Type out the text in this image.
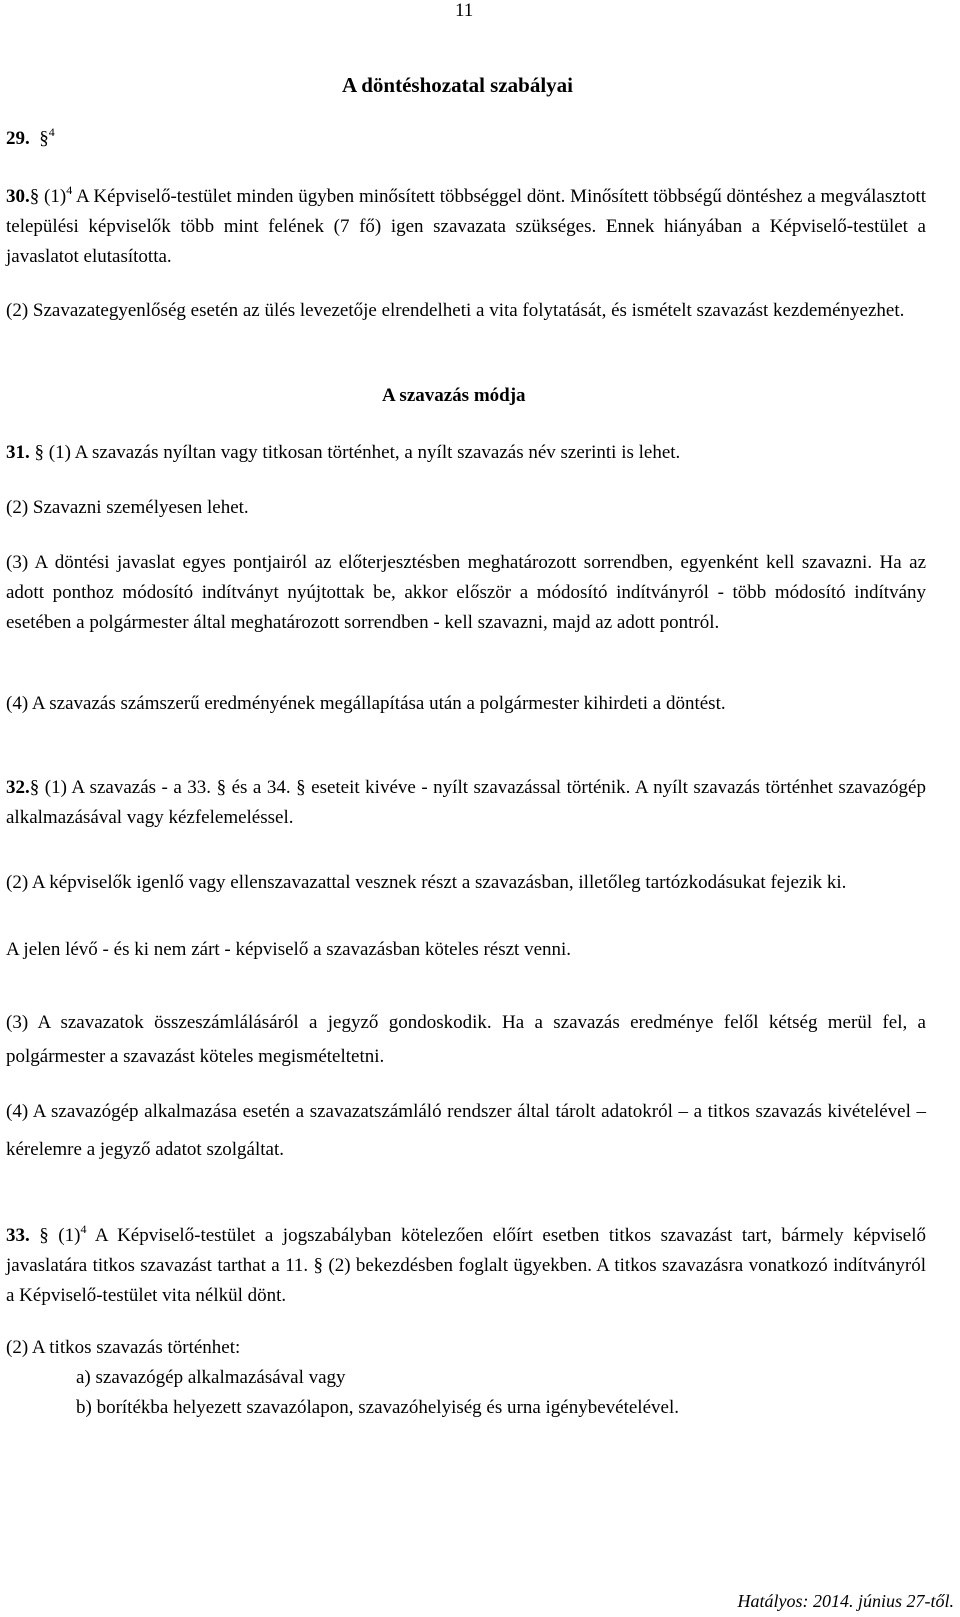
11
A döntéshozatal szabályai
29. §$^4$
30.§ $(1)^4$ A Képviselő-testület minden ügyben minősített többséggel dönt. Minősített többségű döntéshez a megválasztott települési képviselők több mint felének (7 fő) igen szavazata szükséges. Ennek hiányában a Képviselő-testület a javaslatot elutasította.
(2) Szavazategyenlőség esetén az ülés levezetője elrendelheti a vita folytatását, és ismételt szavazást kezdeményezhet.
A szavazás módja
31. § (1) A szavazás nyíltan vagy titkosan történhet, a nyílt szavazás név szerinti is lehet.
(2) Szavazni személyesen lehet.
(3) A döntési javaslat egyes pontjairól az előterjesztésben meghatározott sorrendben, egyenként kell szavazni. Ha az adott ponthoz módosító indítványt nyújtottak be, akkor először a módosító indítványról - több módosító indítvány esetében a polgármester által meghatározott sorrendben - kell szavazni, majd az adott pontról.
(4) A szavazás számszerű eredményének megállapítása után a polgármester kihirdeti a döntést.
32.§ (1) A szavazás - a 33. § és a 34. § eseteit kivéve - nyílt szavazással történik. A nyílt szavazás történhet szavazógép alkalmazásával vagy kézfelemeléssel.
(2) A képviselők igenlő vagy ellenszavazattal vesznek részt a szavazásban, illetőleg tartózkodásukat fejezik ki.
A jelen lévő - és ki nem zárt - képviselő a szavazásban köteles részt venni.
(3) A szavazatok összeszámlálásáról a jegyző gondoskodik. Ha a szavazás eredménye felől kétség merül fel, a polgármester a szavazást köteles megismételtetni.
(4) A szavazógép alkalmazása esetén a szavazatszámláló rendszer által tárolt adatokról – a titkos szavazás kivételével – kérelemre a jegyző adatot szolgáltat.
33. § $(1)^4$ A Képviselő-testület a jogszabályban kötelezően előírt esetben titkos szavazást tart, bármely képviselő javaslatára titkos szavazást tarthat a 11. § (2) bekezdésben foglalt ügyekben. A titkos szavazásra vonatkozó indítványról a Képviselő-testület vita nélkül dönt.
(2) A titkos szavazás történhet:
a) szavazógép alkalmazásával vagy
b) borítékba helyezett szavazólapon, szavazóhelyiség és urna igénybevételével.
Hatályos: 2014. június 27-től.
